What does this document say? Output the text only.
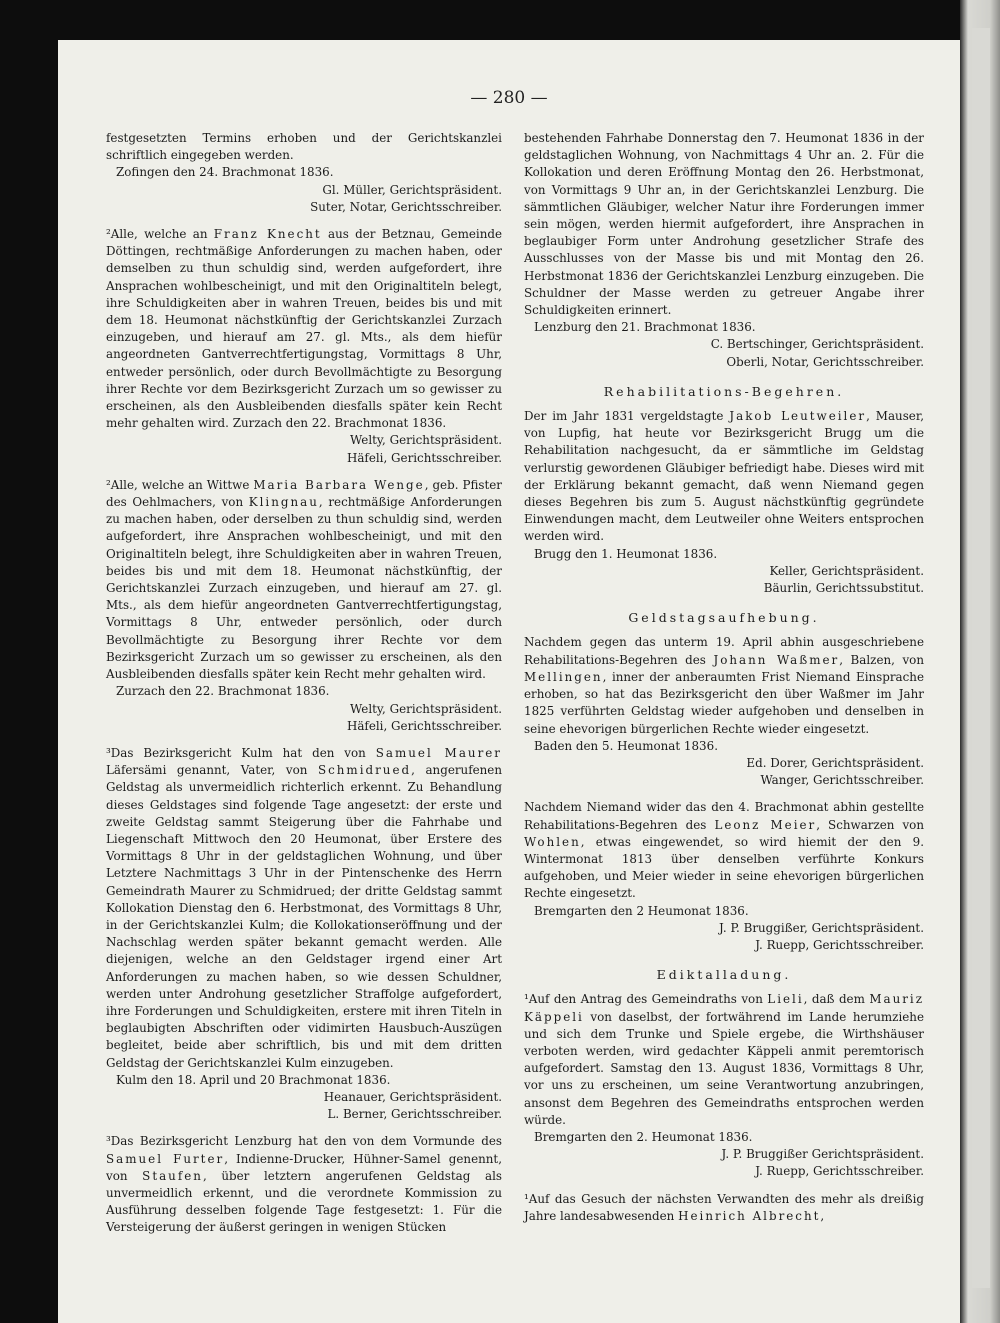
— 280 —

festgesetzten Termins erhoben und der Gerichtskanzlei schriftlich eingegeben werden.

Zofingen den 24. Brachmonat 1836.

Gl. Müller, Gerichtspräsident.

Suter, Notar, Gerichtsschreiber.

²Alle, welche an Franz Knecht aus der Betznau, Gemeinde Döttingen, rechtmäßige Anforderungen zu machen haben, oder demselben zu thun schuldig sind, werden aufgefordert, ihre Ansprachen wohlbescheinigt, und mit den Originaltiteln belegt, ihre Schuldigkeiten aber in wahren Treuen, beides bis und mit dem 18. Heumonat nächstkünftig der Gerichtskanzlei Zurzach einzugeben, und hierauf am 27. gl. Mts., als dem hiefür angeordneten Gantverrechtfertigungstag, Vormittags 8 Uhr, entweder persönlich, oder durch Bevollmächtigte zu Besorgung ihrer Rechte vor dem Bezirksgericht Zurzach um so gewisser zu erscheinen, als den Ausbleibenden diesfalls später kein Recht mehr gehalten wird. Zurzach den 22. Brachmonat 1836.

Welty, Gerichtspräsident.

Häfeli, Gerichtsschreiber.

²Alle, welche an Wittwe Maria Barbara Wenge, geb. Pfister des Oehlmachers, von Klingnau, rechtmäßige Anforderungen zu machen haben, oder derselben zu thun schuldig sind, werden aufgefordert, ihre Ansprachen wohlbescheinigt, und mit den Originaltiteln belegt, ihre Schuldigkeiten aber in wahren Treuen, beides bis und mit dem 18. Heumonat nächstkünftig, der Gerichtskanzlei Zurzach einzugeben, und hierauf am 27. gl. Mts., als dem hiefür angeordneten Gantverrechtfertigungstag, Vormittags 8 Uhr, entweder persönlich, oder durch Bevollmächtigte zu Besorgung ihrer Rechte vor dem Bezirksgericht Zurzach um so gewisser zu erscheinen, als den Ausbleibenden diesfalls später kein Recht mehr gehalten wird.

Zurzach den 22. Brachmonat 1836.

Welty, Gerichtspräsident.

Häfeli, Gerichtsschreiber.

³Das Bezirksgericht Kulm hat den von Samuel Maurer Läfersämi genannt, Vater, von Schmidrued, angerufenen Geldstag als unvermeidlich richterlich erkennt. Zu Behandlung dieses Geldstages sind folgende Tage angesetzt: der erste und zweite Geldstag sammt Steigerung über die Fahrhabe und Liegenschaft Mittwoch den 20 Heumonat, über Erstere des Vormittags 8 Uhr in der geldstaglichen Wohnung, und über Letztere Nachmittags 3 Uhr in der Pintenschenke des Herrn Gemeindrath Maurer zu Schmidrued; der dritte Geldstag sammt Kollokation Dienstag den 6. Herbstmonat, des Vormittags 8 Uhr, in der Gerichtskanzlei Kulm; die Kollokationseröffnung und der Nachschlag werden später bekannt gemacht werden. Alle diejenigen, welche an den Geldstager irgend einer Art Anforderungen zu machen haben, so wie dessen Schuldner, werden unter Androhung gesetzlicher Straffolge aufgefordert, ihre Forderungen und Schuldigkeiten, erstere mit ihren Titeln in beglaubigten Abschriften oder vidimirten Hausbuch-Auszügen begleitet, beide aber schriftlich, bis und mit dem dritten Geldstag der Gerichtskanzlei Kulm einzugeben.

Kulm den 18. April und 20 Brachmonat 1836.

Heanauer, Gerichtspräsident.

L. Berner, Gerichtsschreiber.

³Das Bezirksgericht Lenzburg hat den von dem Vormunde des Samuel Furter, Indienne-Drucker, Hühner-Samel genennt, von Staufen, über letztern angerufenen Geldstag als unvermeidlich erkennt, und die verordnete Kommission zu Ausführung desselben folgende Tage festgesetzt: 1. Für die Versteigerung der äußerst geringen in wenigen Stücken

bestehenden Fahrhabe Donnerstag den 7. Heumonat 1836 in der geldstaglichen Wohnung, von Nachmittags 4 Uhr an. 2. Für die Kollokation und deren Eröffnung Montag den 26. Herbstmonat, von Vormittags 9 Uhr an, in der Gerichtskanzlei Lenzburg. Die sämmtlichen Gläubiger, welcher Natur ihre Forderungen immer sein mögen, werden hiermit aufgefordert, ihre Ansprachen in beglaubiger Form unter Androhung gesetzlicher Strafe des Ausschlusses von der Masse bis und mit Montag den 26. Herbstmonat 1836 der Gerichtskanzlei Lenzburg einzugeben. Die Schuldner der Masse werden zu getreuer Angabe ihrer Schuldigkeiten erinnert.

Lenzburg den 21. Brachmonat 1836.

C. Bertschinger, Gerichtspräsident.

Oberli, Notar, Gerichtsschreiber.

Rehabilitations-Begehren.

Der im Jahr 1831 vergeldstagte Jakob Leutweiler, Mauser, von Lupfig, hat heute vor Bezirksgericht Brugg um die Rehabilitation nachgesucht, da er sämmtliche im Geldstag verlurstig gewordenen Gläubiger befriedigt habe. Dieses wird mit der Erklärung bekannt gemacht, daß wenn Niemand gegen dieses Begehren bis zum 5. August nächstkünftig gegründete Einwendungen macht, dem Leutweiler ohne Weiters entsprochen werden wird.

Brugg den 1. Heumonat 1836.

Keller, Gerichtspräsident.

Bäurlin, Gerichtssubstitut.

Geldstagsaufhebung.

Nachdem gegen das unterm 19. April abhin ausgeschriebene Rehabilitations-Begehren des Johann Waßmer, Balzen, von Mellingen, inner der anberaumten Frist Niemand Einsprache erhoben, so hat das Bezirksgericht den über Waßmer im Jahr 1825 verführten Geldstag wieder aufgehoben und denselben in seine ehevorigen bürgerlichen Rechte wieder eingesetzt.

Baden den 5. Heumonat 1836.

Ed. Dorer, Gerichtspräsident.

Wanger, Gerichtsschreiber.

Nachdem Niemand wider das den 4. Brachmonat abhin gestellte Rehabilitations-Begehren des Leonz Meier, Schwarzen von Wohlen, etwas eingewendet, so wird hiemit der den 9. Wintermonat 1813 über denselben verführte Konkurs aufgehoben, und Meier wieder in seine ehevorigen bürgerlichen Rechte eingesetzt.

Bremgarten den 2 Heumonat 1836.

J. P. Bruggißer, Gerichtspräsident.

J. Ruepp, Gerichtsschreiber.

Ediktalladung.

¹Auf den Antrag des Gemeindraths von Lieli, daß dem Mauriz Käppeli von daselbst, der fortwährend im Lande herumziehe und sich dem Trunke und Spiele ergebe, die Wirthshäuser verboten werden, wird gedachter Käppeli anmit peremtorisch aufgefordert. Samstag den 13. August 1836, Vormittags 8 Uhr, vor uns zu erscheinen, um seine Verantwortung anzubringen, ansonst dem Begehren des Gemeindraths entsprochen werden würde.

Bremgarten den 2. Heumonat 1836.

J. P. Bruggißer Gerichtspräsident.

J. Ruepp, Gerichtsschreiber.

¹Auf das Gesuch der nächsten Verwandten des mehr als dreißig Jahre landesabwesenden Heinrich Albrecht,
